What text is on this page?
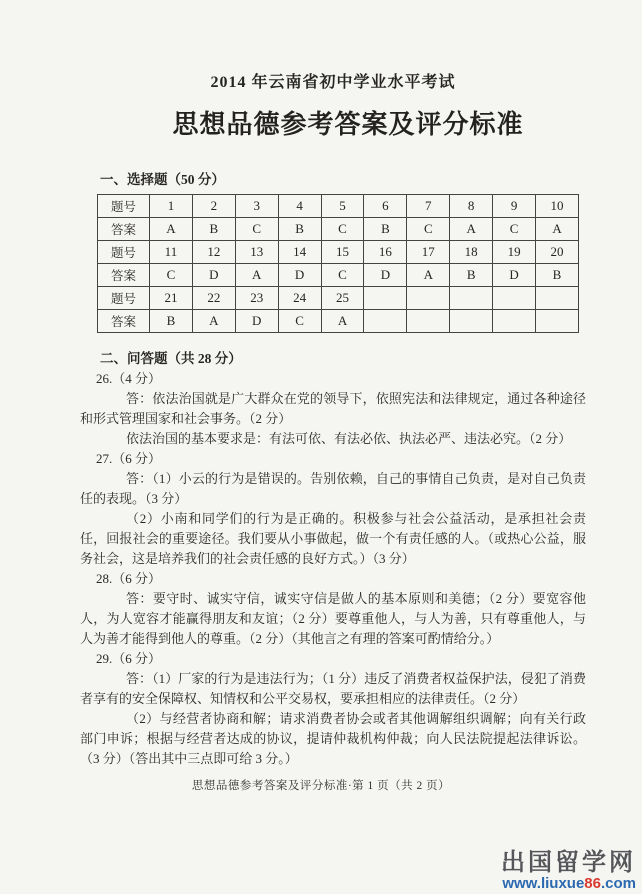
2014 年云南省初中学业水平考试
思想品德参考答案及评分标准
一、选择题（50 分）
题号	1	2	3	4	5	6	7	8	9	10
答案	A	B	C	B	C	B	C	A	C	A
题号	11	12	13	14	15	16	17	18	19	20
答案	C	D	A	D	C	D	A	B	D	B
题号	21	22	23	24	25					
答案	B	A	D	C	A					
二、问答题（共 28 分）
26.（4 分）

答：依法治国就是广大群众在党的领导下，依照宪法和法律规定，通过各种途径和形式管理国家和社会事务。（2 分）

依法治国的基本要求是：有法可依、有法必依、执法必严、违法必究。（2 分）

27.（6 分）

答：（1）小云的行为是错误的。告别依赖，自己的事情自己负责，是对自己负责任的表现。（3 分）

（2）小南和同学们的行为是正确的。积极参与社会公益活动，是承担社会责任，回报社会的重要途径。我们要从小事做起，做一个有责任感的人。（或热心公益，服务社会，这是培养我们的社会责任感的良好方式。）（3 分）

28.（6 分）

答：要守时、诚实守信，诚实守信是做人的基本原则和美德；（2 分）要宽容他人，为人宽容才能赢得朋友和友谊；（2 分）要尊重他人，与人为善，只有尊重他人，与人为善才能得到他人的尊重。（2 分）（其他言之有理的答案可酌情给分。）

29.（6 分）

答：（1）厂家的行为是违法行为；（1 分）违反了消费者权益保护法，侵犯了消费者享有的安全保障权、知情权和公平交易权，要承担相应的法律责任。（2 分）

（2）与经营者协商和解；请求消费者协会或者其他调解组织调解；向有关行政部门申诉；根据与经营者达成的协议，提请仲裁机构仲裁；向人民法院提起法律诉讼。（3 分）（答出其中三点即可给 3 分。）

思想品德参考答案及评分标准·第 1 页（共 2 页）
出国留学网
www.liuxue86.com
